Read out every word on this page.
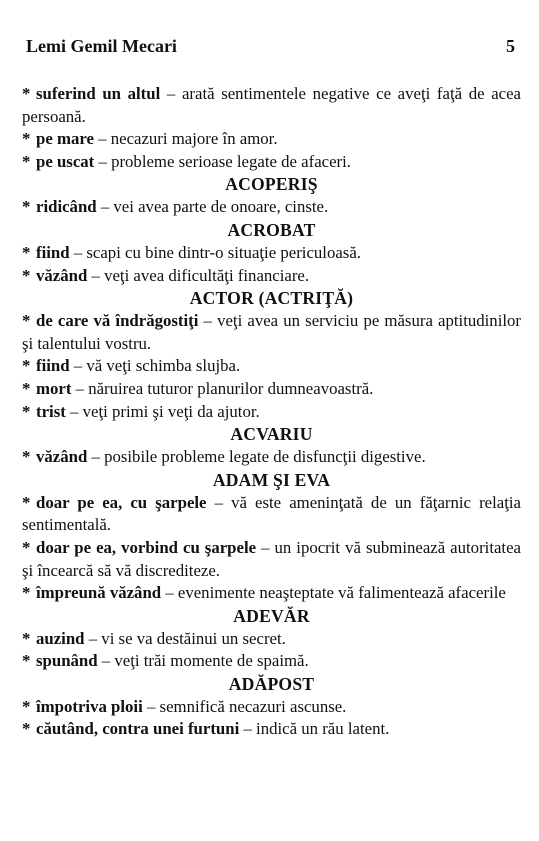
Lemi Gemil Mecari	5

* suferind un altul – arată sentimentele negative ce aveţi faţă de acea persoană.

* pe mare – necazuri majore în amor.

* pe uscat – probleme serioase legate de afaceri.

ACOPERIŞ

* ridicând – vei avea parte de onoare, cinste.

ACROBAT

* fiind – scapi cu bine dintr-o situaţie periculoasă.

* văzând – veţi avea dificultăţi financiare.

ACTOR (ACTRIŢĂ)

* de care vă îndrăgostiţi – veţi avea un serviciu pe măsura aptitudinilor şi talentului vostru.

* fiind – vă veţi schimba slujba.

* mort – năruirea tuturor planurilor dumneavoastră.

* trist – veţi primi şi veţi da ajutor.

ACVARIU

* văzând – posibile probleme legate de disfuncţii digestive.

ADAM ŞI EVA

* doar pe ea, cu şarpele – vă este ameninţată de un făţarnic relaţia sentimentală.

* doar pe ea, vorbind cu şarpele – un ipocrit vă subminează autoritatea şi încearcă să vă discrediteze.

* împreună văzând – evenimente neaşteptate vă falimentează afacerile

ADEVĂR

* auzind – vi se va destăinui un secret.

* spunând – veţi trăi momente de spaimă.

ADĂPOST

* împotriva ploii – semnifică necazuri ascunse.

* căutând, contra unei furtuni – indică un rău latent.
